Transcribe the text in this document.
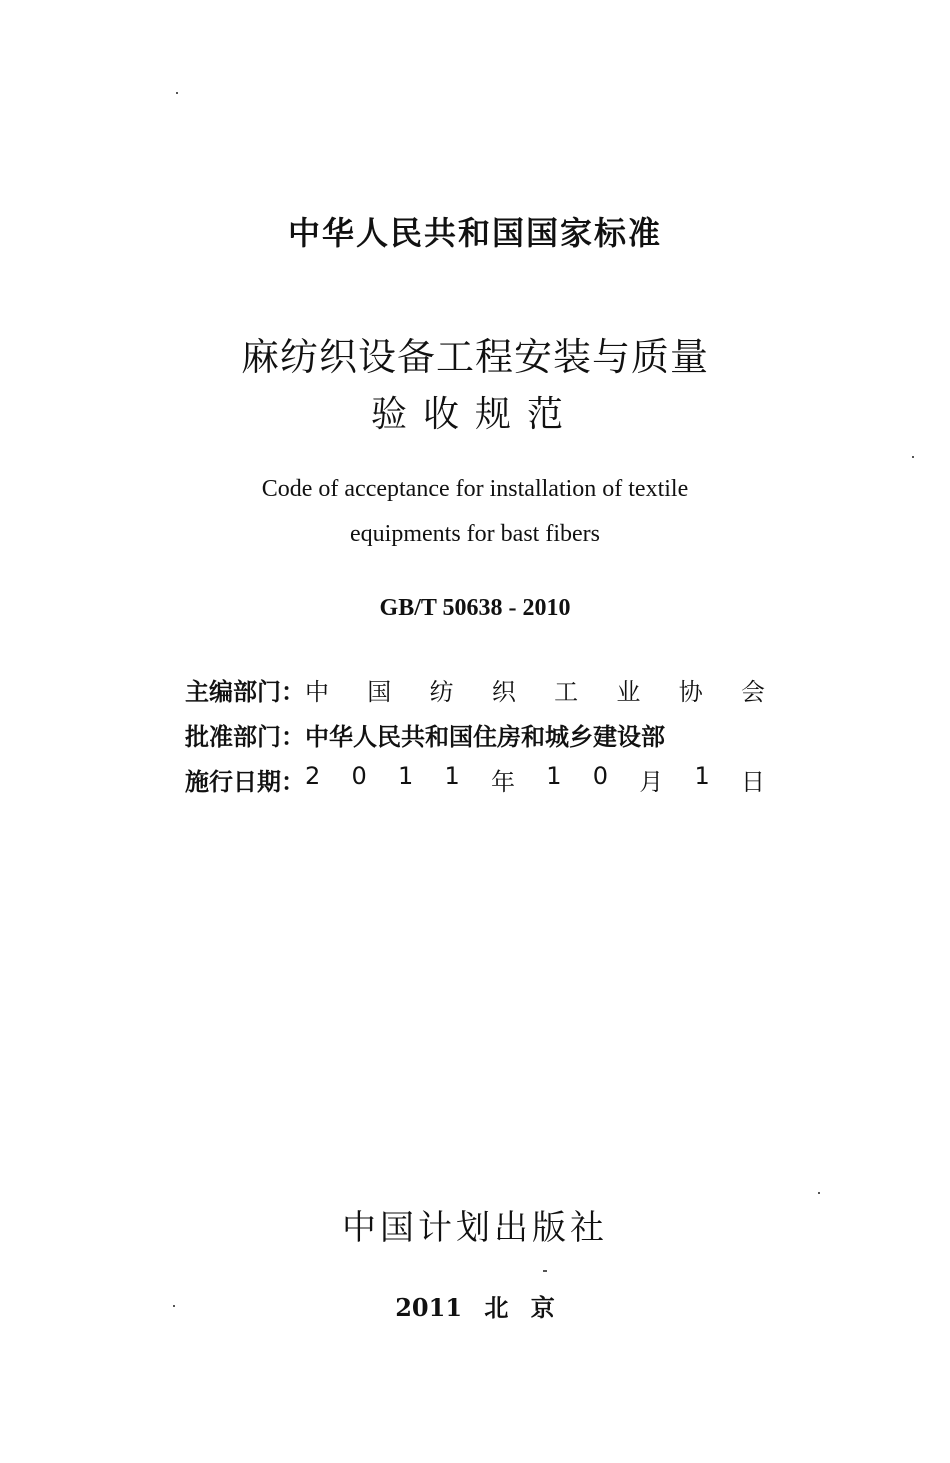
中华人民共和国国家标准
麻纺织设备工程安装与质量
验收规范
Code of acceptance for installation of textile
equipments for bast fibers
GB/T 50638 - 2010
主编部门： 中 国 纺 织 工 业 协 会
批准部门： 中华人民共和国住房和城乡建设部
施行日期： 2 0 1 1 年 1 0 月 1 日
中国计划出版社
2011 北 京
